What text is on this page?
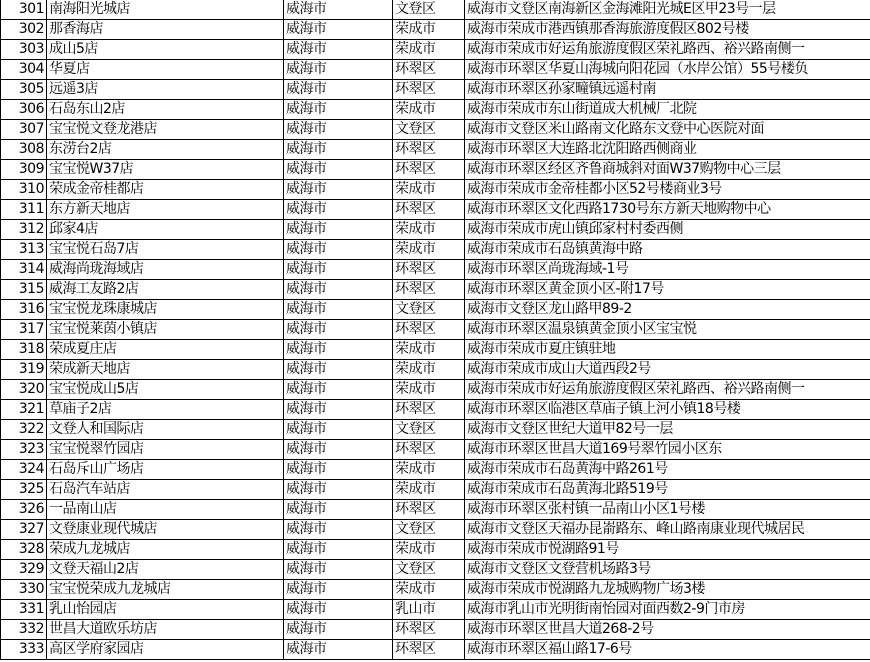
301	南海阳光城店	威海市	文登区	威海市文登区南海新区金海滩阳光城E区甲23号一层
302	那香海店	威海市	荣成市	威海市荣成市港西镇那香海旅游度假区802号楼
303	成山5店	威海市	荣成市	威海市荣成市好运角旅游度假区荣礼路西、裕兴路南侧一
304	华夏店	威海市	环翠区	威海市环翠区华夏山海城向阳花园（水岸公馆）55号楼负
305	远遥3店	威海市	环翠区	威海市环翠区孙家疃镇远遥村南
306	石岛东山2店	威海市	荣成市	威海市荣成市东山街道成大机械厂北院
307	宝宝悦文登龙港店	威海市	文登区	威海市文登区米山路南文化路东文登中心医院对面
308	东涝台2店	威海市	环翠区	威海市环翠区大连路北沈阳路西侧商业
309	宝宝悦W37店	威海市	环翠区	威海市环翠区经区齐鲁商城斜对面W37购物中心三层
310	荣成金帝桂都店	威海市	荣成市	威海市荣成市金帝桂都小区52号楼商业3号
311	东方新天地店	威海市	环翠区	威海市环翠区文化西路1730号东方新天地购物中心
312	邱家4店	威海市	荣成市	威海市荣成市虎山镇邱家村村委西侧
313	宝宝悦石岛7店	威海市	荣成市	威海市荣成市石岛镇黄海中路
314	威海尚珑海域店	威海市	环翠区	威海市环翠区尚珑海域-1号
315	威海工友路2店	威海市	环翠区	威海市环翠区黄金顶小区-附17号
316	宝宝悦龙珠康城店	威海市	文登区	威海市文登区龙山路甲89-2
317	宝宝悦莱茵小镇店	威海市	环翠区	威海市环翠区温泉镇黄金顶小区宝宝悦
318	荣成夏庄店	威海市	荣成市	威海市荣成市夏庄镇驻地
319	荣成新天地店	威海市	荣成市	威海市荣成市成山大道西段2号
320	宝宝悦成山5店	威海市	荣成市	威海市荣成市好运角旅游度假区荣礼路西、裕兴路南侧一
321	草庙子2店	威海市	环翠区	威海市环翠区临港区草庙子镇上河小镇18号楼
322	文登人和国际店	威海市	文登区	威海市文登区世纪大道甲82号一层
323	宝宝悦翠竹园店	威海市	环翠区	威海市环翠区世昌大道169号翠竹园小区东
324	石岛斥山广场店	威海市	荣成市	威海市荣成市石岛黄海中路261号
325	石岛汽车站店	威海市	荣成市	威海市荣成市石岛黄海北路519号
326	一品南山店	威海市	环翠区	威海市环翠区张村镇一品南山小区1号楼
327	文登康业现代城店	威海市	文登区	威海市文登区天福办昆嵛路东、峰山路南康业现代城居民
328	荣成九龙城店	威海市	荣成市	威海市荣成市悦湖路91号
329	文登天福山2店	威海市	文登区	威海市文登区文登营机场路3号
330	宝宝悦荣成九龙城店	威海市	荣成市	威海市荣成市悦湖路九龙城购物广场3楼
331	乳山怡园店	威海市	乳山市	威海市乳山市光明街南怡园对面西数2-9门市房
332	世昌大道欧乐坊店	威海市	环翠区	威海市环翠区世昌大道268-2号
333	高区学府家园店	威海市	环翠区	威海市环翠区福山路17-6号
